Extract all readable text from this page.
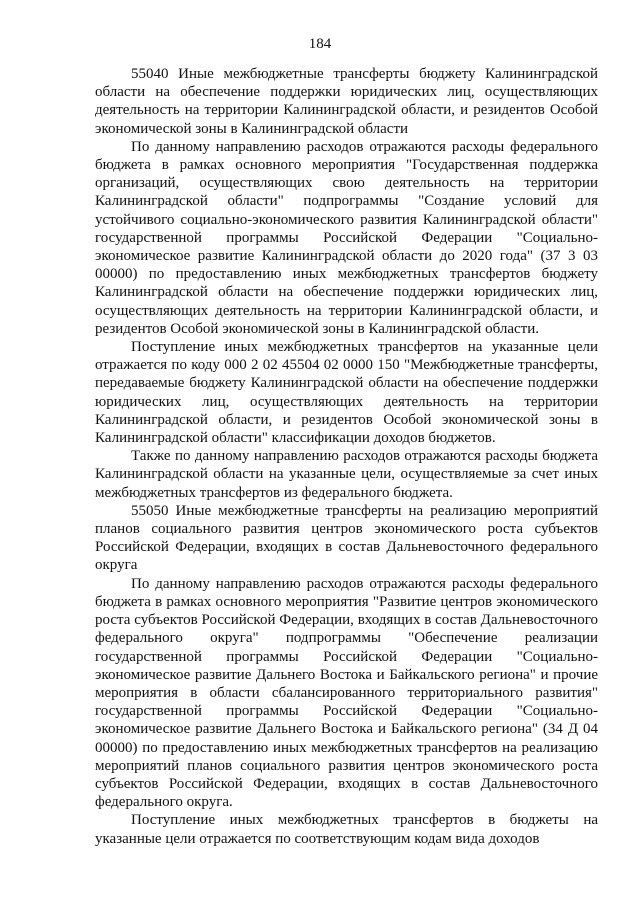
184

55040 Иные межбюджетные трансферты бюджету Калининградской области на обеспечение поддержки юридических лиц, осуществляющих деятельность на территории Калининградской области, и резидентов Особой экономической зоны в Калининградской области

По данному направлению расходов отражаются расходы федерального бюджета в рамках основного мероприятия "Государственная поддержка организаций, осуществляющих свою деятельность на территории Калининградской области" подпрограммы "Создание условий для устойчивого социально-экономического развития Калининградской области" государственной программы Российской Федерации "Социально-экономическое развитие Калининградской области до 2020 года" (37 3 03 00000) по предоставлению иных межбюджетных трансфертов бюджету Калининградской области на обеспечение поддержки юридических лиц, осуществляющих деятельность на территории Калининградской области, и резидентов Особой экономической зоны в Калининградской области.

Поступление иных межбюджетных трансфертов на указанные цели отражается по коду 000 2 02 45504 02 0000 150 "Межбюджетные трансферты, передаваемые бюджету Калининградской области на обеспечение поддержки юридических лиц, осуществляющих деятельность на территории Калининградской области, и резидентов Особой экономической зоны в Калининградской области" классификации доходов бюджетов.

Также по данному направлению расходов отражаются расходы бюджета Калининградской области на указанные цели, осуществляемые за счет иных межбюджетных трансфертов из федерального бюджета.

55050 Иные межбюджетные трансферты на реализацию мероприятий планов социального развития центров экономического роста субъектов Российской Федерации, входящих в состав Дальневосточного федерального округа

По данному направлению расходов отражаются расходы федерального бюджета в рамках основного мероприятия "Развитие центров экономического роста субъектов Российской Федерации, входящих в состав Дальневосточного федерального округа" подпрограммы "Обеспечение реализации государственной программы Российской Федерации "Социально-экономическое развитие Дальнего Востока и Байкальского региона" и прочие мероприятия в области сбалансированного территориального развития" государственной программы Российской Федерации "Социально-экономическое развитие Дальнего Востока и Байкальского региона" (34 Д 04 00000) по предоставлению иных межбюджетных трансфертов на реализацию мероприятий планов социального развития центров экономического роста субъектов Российской Федерации, входящих в состав Дальневосточного федерального округа.

Поступление иных межбюджетных трансфертов в бюджеты на указанные цели отражается по соответствующим кодам вида доходов
